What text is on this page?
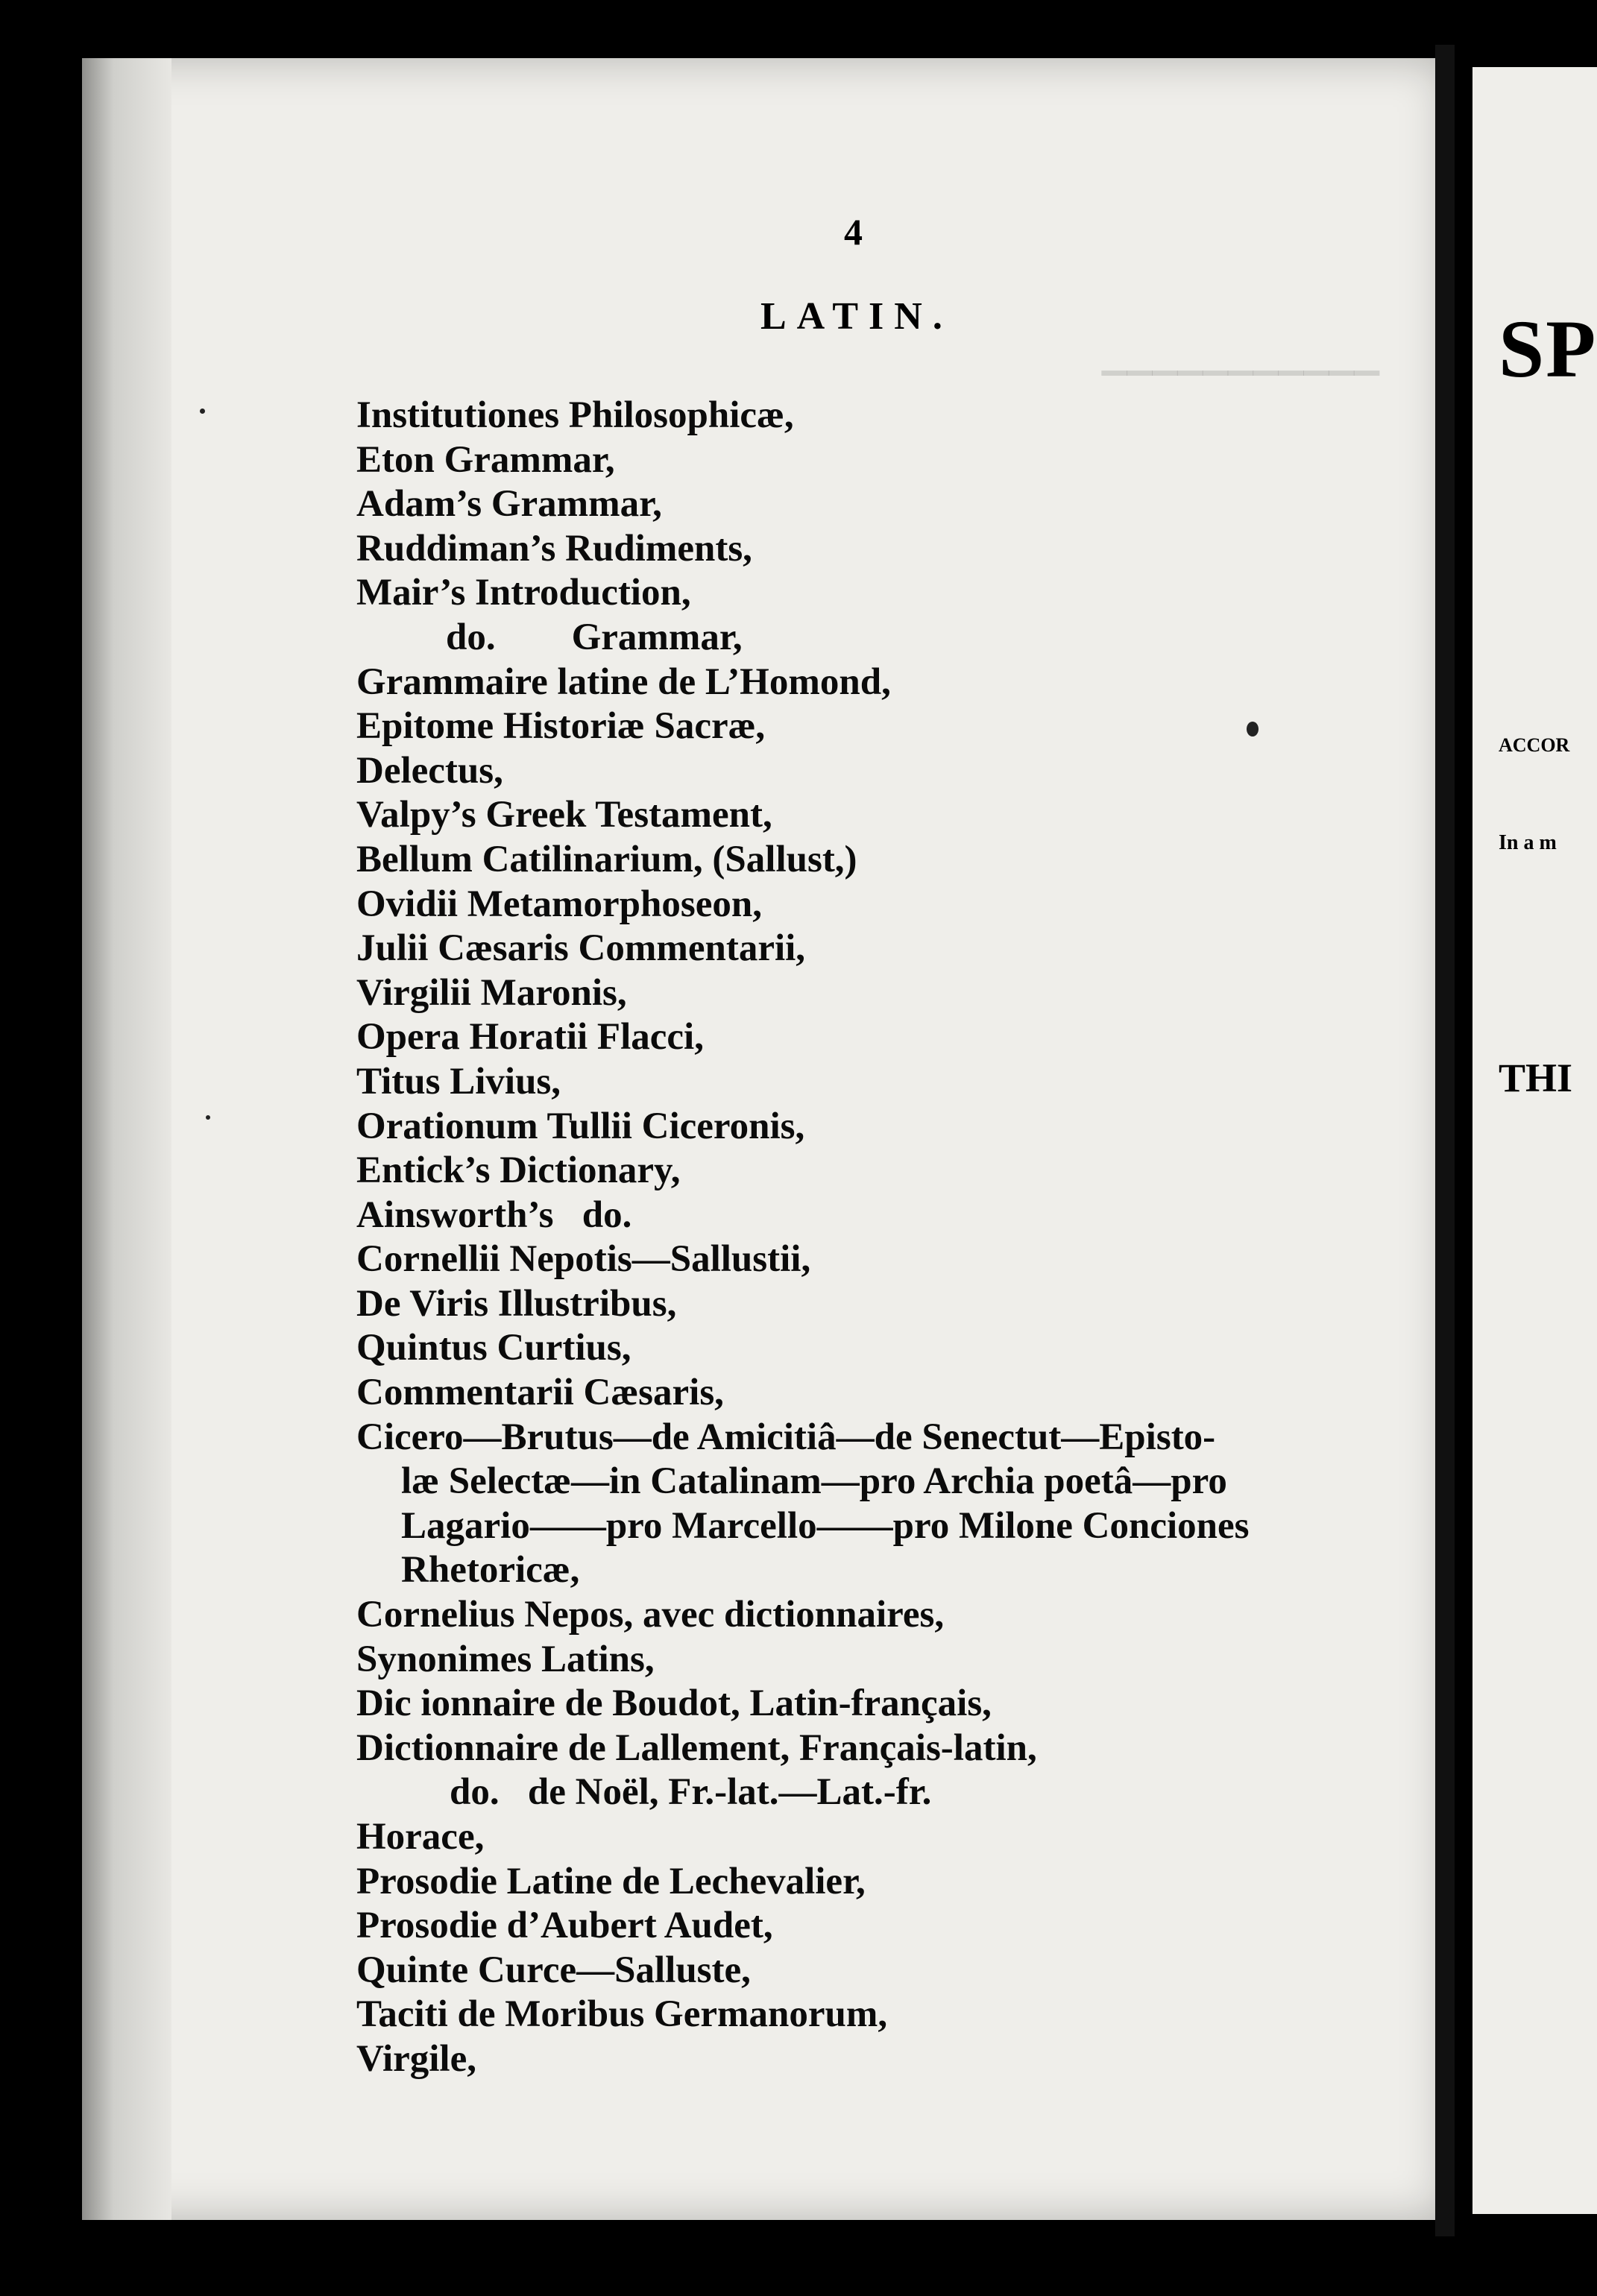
SP
ACCOR
In a m
THI
▁▁▁▁▁▁▁▁▁▁▁
4
LATIN.
Institutiones Philosophicæ,
Eton Grammar,
Adam’s Grammar,
Ruddiman’s Rudiments,
Mair’s Introduction,
do.        Grammar,
Grammaire latine de L’Homond,
Epitome Historiæ Sacræ,
Delectus,
Valpy’s Greek Testament,
Bellum Catilinarium, (Sallust,)
Ovidii Metamorphoseon,
Julii Cæsaris Commentarii,
Virgilii Maronis,
Opera Horatii Flacci,
Titus Livius,
Orationum Tullii Ciceronis,
Entick’s Dictionary,
Ainsworth’s   do.
Cornellii Nepotis—Sallustii,
De Viris Illustribus,
Quintus Curtius,
Commentarii Cæsaris,
Cicero—Brutus—de Amicitiâ—de Senectut—Episto-
læ Selectæ—in Catalinam—pro Archia poetâ—pro
Lagario——pro Marcello——pro Milone Conciones
Rhetoricæ,
Cornelius Nepos, avec dictionnaires,
Synonimes Latins,
Dic ionnaire de Boudot, Latin-français,
Dictionnaire de Lallement, Français-latin,
do.   de Noël, Fr.-lat.—Lat.-fr.
Horace,
Prosodie Latine de Lechevalier,
Prosodie d’Aubert Audet,
Quinte Curce—Salluste,
Taciti de Moribus Germanorum,
Virgile,
